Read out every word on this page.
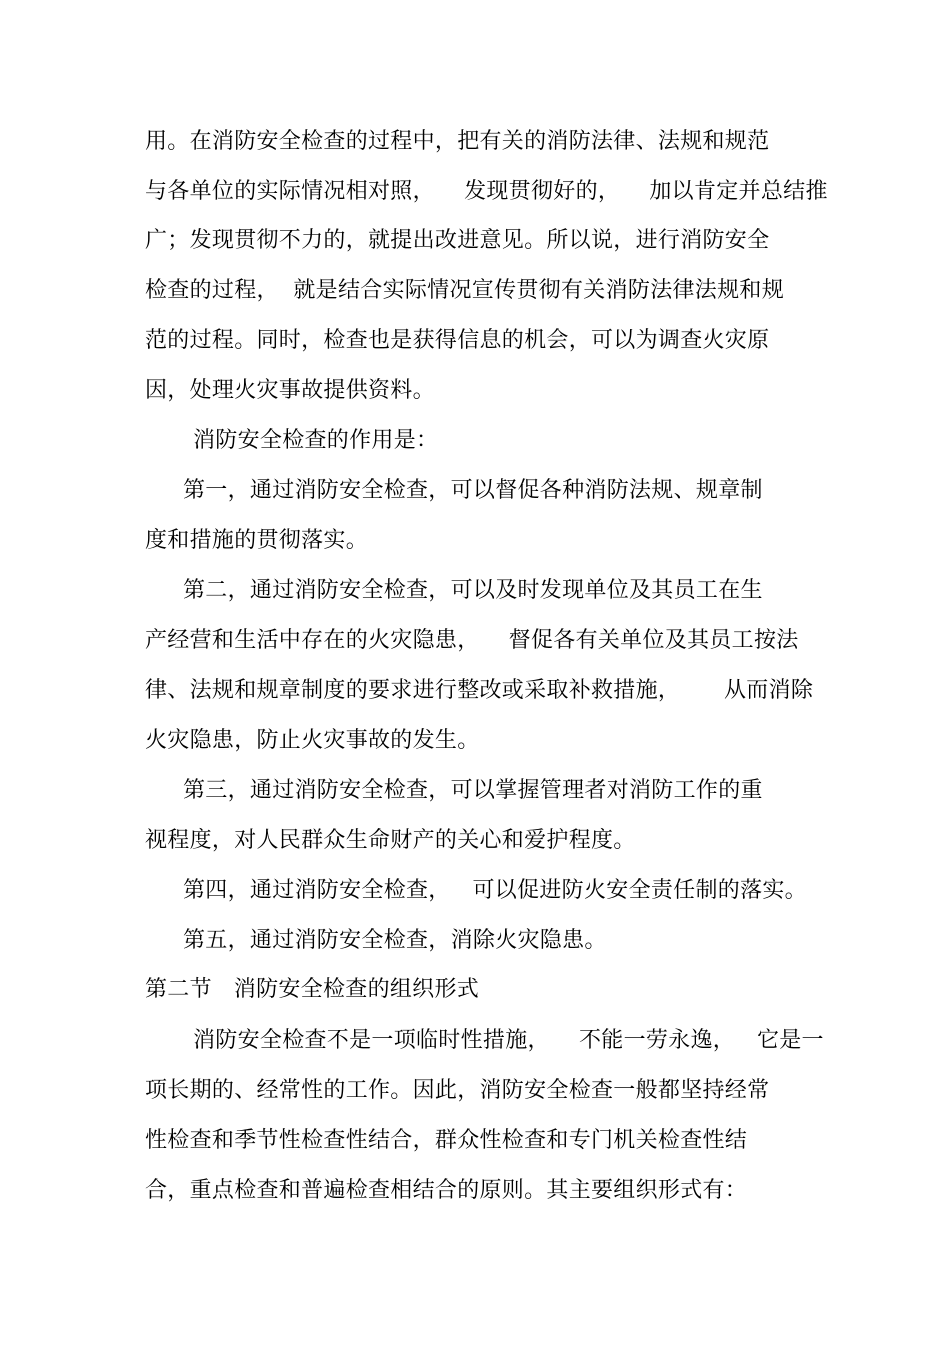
用。在消防安全检查的过程中，把有关的消防法律、法规和规范
与各单位的实际情况相对照，    发现贯彻好的，    加以肯定并总结推
广；发现贯彻不力的，就提出改进意见。所以说，进行消防安全
检查的过程，  就是结合实际情况宣传贯彻有关消防法律法规和规
范的过程。同时，检查也是获得信息的机会，可以为调查火灾原
因，处理火灾事故提供资料。
消防安全检查的作用是：
第一，通过消防安全检查，可以督促各种消防法规、规章制
度和措施的贯彻落实。
第二，通过消防安全检查，可以及时发现单位及其员工在生
产经营和生活中存在的火灾隐患，    督促各有关单位及其员工按法
律、法规和规章制度的要求进行整改或采取补救措施，      从而消除
火灾隐患，防止火灾事故的发生。
第三，通过消防安全检查，可以掌握管理者对消防工作的重
视程度，对人民群众生命财产的关心和爱护程度。
第四，通过消防安全检查，   可以促进防火安全责任制的落实。
第五，通过消防安全检查，消除火灾隐患。
第二节   消防安全检查的组织形式
消防安全检查不是一项临时性措施，    不能一劳永逸，   它是一
项长期的、经常性的工作。因此，消防安全检查一般都坚持经常
性检查和季节性检查性结合，群众性检查和专门机关检查性结
合，重点检查和普遍检查相结合的原则。其主要组织形式有：
